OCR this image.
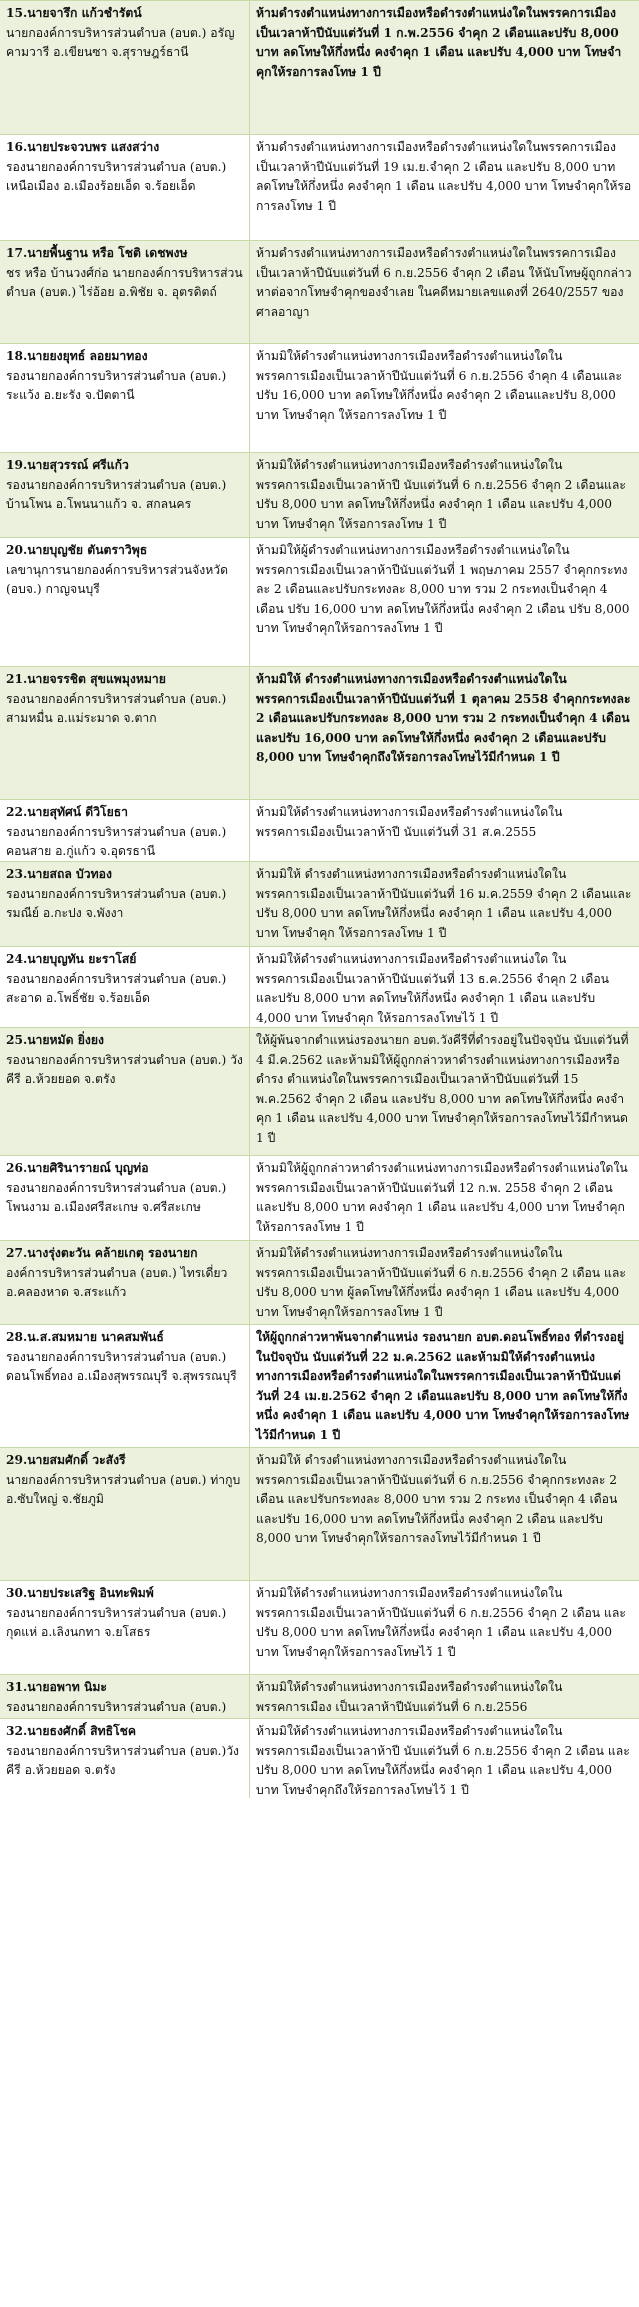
15.นายจารึก แก้วชำรัตน์
นายกองค์การบริหารส่วนตำบล (อบต.) อรัญคามวารี อ.เขียนซา จ.สุราษฎร์ธานี
ห้ามดำรงตำแหน่งทางการเมืองหรือดำรงตำแหน่งใดในพรรคการเมืองเป็นเวลาห้าปีนับแต่วันที่ 1 ก.พ.2556 จำคุก 2 เดือนและปรับ 8,000 บาท ลดโทษให้กึ่งหนึ่ง คงจำคุก 1 เดือน และปรับ 4,000 บาท โทษจำคุกให้รอการลงโทษ 1 ปี
16.นายประจวบพร แสงสว่าง
รองนายกองค์การบริหารส่วนตำบล (อบต.) เหนือเมือง อ.เมืองร้อยเอ็ด จ.ร้อยเอ็ด
ห้ามดำรงตำแหน่งทางการเมืองหรือดำรงตำแหน่งใดในพรรคการเมืองเป็นเวลาห้าปีนับแต่วันที่ 19 เม.ย.จำคุก 2 เดือน และปรับ 8,000 บาท ลดโทษให้กึ่งหนึ่ง คงจำคุก 1 เดือน และปรับ 4,000 บาท โทษจำคุกให้รอการลงโทษ 1 ปี
17.นายพื้นฐาน หรือ โชติ เดชพงษ
ชร หรือ บ้านวงศ์ก่อ นายกองค์การบริหารส่วนตำบล (อบต.) ไร่อ้อย อ.พิชัย จ. อุตรดิตถ์
ห้ามดำรงตำแหน่งทางการเมืองหรือดำรงตำแหน่งใดในพรรคการเมืองเป็นเวลาห้าปีนับแต่วันที่ 6 ก.ย.2556 จำคุก 2 เดือน ให้นับโทษผู้ถูกกล่าวหาต่อจากโทษจำคุกของจำเลย ในคดีหมายเลขแดงที่ 2640/2557 ของศาลอาญา
18.นายยงยุทธ์ ลอยมาทอง
รองนายกองค์การบริหารส่วนตำบล (อบต.) ระแว้ง อ.ยะรัง จ.ปัตตานี
ห้ามมิให้ดำรงตำแหน่งทางการเมืองหรือดำรงตำแหน่งใดในพรรคการเมืองเป็นเวลาห้าปีนับแต่วันที่ 6 ก.ย.2556 จำคุก 4 เดือนและปรับ 16,000 บาท ลดโทษให้กึ่งหนึ่ง คงจำคุก 2 เดือนและปรับ 8,000 บาท โทษจำคุก ให้รอการลงโทษ 1 ปี
19.นายสุวรรณ์ ศรีแก้ว
รองนายกองค์การบริหารส่วนตำบล (อบต.) บ้านโพน อ.โพนนาแก้ว จ. สกลนคร
ห้ามมิให้ดำรงตำแหน่งทางการเมืองหรือดำรงตำแหน่งใดในพรรคการเมืองเป็นเวลาห้าปี นับแต่วันที่ 6 ก.ย.2556 จำคุก 2 เดือนและปรับ 8,000 บาท ลดโทษให้กึ่งหนึ่ง คงจำคุก 1 เดือน และปรับ 4,000 บาท โทษจำคุก ให้รอการลงโทษ 1 ปี
20.นายบุญชัย ตันตราวิพุธ
เลขานุการนายกองค์การบริหารส่วนจังหวัด (อบจ.) กาญจนบุรี
ห้ามมิให้ผู้ดำรงตำแหน่งทางการเมืองหรือดำรงตำแหน่งใดในพรรคการเมืองเป็นเวลาห้าปีนับแต่วันที่ 1 พฤษภาคม 2557 จำคุกกระทงละ 2 เดือนและปรับกระทงละ 8,000 บาท รวม 2 กระทงเป็นจำคุก 4 เดือน ปรับ 16,000 บาท ลดโทษให้กึ่งหนึ่ง คงจำคุก 2 เดือน ปรับ 8,000 บาท โทษจำคุกให้รอการลงโทษ 1 ปี
21.นายจรรชิต สุขแพมุงหมาย
รองนายกองค์การบริหารส่วนตำบล (อบต.) สามหมื่น อ.แม่ระมาด จ.ตาก
ห้ามมิให้ ดำรงตำแหน่งทางการเมืองหรือดำรงตำแหน่งใดในพรรคการเมืองเป็นเวลาห้าปีนับแต่วันที่ 1 ตุลาคม 2558 จำคุกกระทงละ 2 เดือนและปรับกระทงละ 8,000 บาท รวม 2 กระทงเป็นจำคุก 4 เดือนและปรับ 16,000 บาท ลดโทษให้กึ่งหนึ่ง คงจำคุก 2 เดือนและปรับ 8,000 บาท โทษจำคุกถึงให้รอการลงโทษไว้มีกำหนด 1 ปี
22.นายสุทัศน์ ดีวิโยธา
รองนายกองค์การบริหารส่วนตำบล (อบต.) คอนสาย อ.กู่แก้ว จ.อุดรธานี
ห้ามมิให้ดำรงตำแหน่งทางการเมืองหรือดำรงตำแหน่งใดในพรรคการเมืองเป็นเวลาห้าปี นับแต่วันที่ 31 ส.ค.2555
23.นายสถล บัวทอง
รองนายกองค์การบริหารส่วนตำบล (อบต.) รมณีย์ อ.กะปง จ.พังงา
ห้ามมิให้ ดำรงตำแหน่งทางการเมืองหรือดำรงตำแหน่งใดในพรรคการเมืองเป็นเวลาห้าปีนับแต่วันที่ 16 ม.ค.2559 จำคุก 2 เดือนและปรับ 8,000 บาท ลดโทษให้กึ่งหนึ่ง คงจำคุก 1 เดือน และปรับ 4,000 บาท โทษจำคุก ให้รอการลงโทษ 1 ปี
24.นายบุญทัน ยะราโสย์
รองนายกองค์การบริหารส่วนตำบล (อบต.) สะอาด อ.โพธิ์ชัย จ.ร้อยเอ็ด
ห้ามมิให้ดำรงตำแหน่งทางการเมืองหรือดำรงตำแหน่งใด ในพรรคการเมืองเป็นเวลาห้าปีนับแต่วันที่ 13 ธ.ค.2556 จำคุก 2 เดือน และปรับ 8,000 บาท ลดโทษให้กึ่งหนึ่ง คงจำคุก 1 เดือน และปรับ 4,000 บาท โทษจำคุก ให้รอการลงโทษไว้ 1 ปี
25.นายหมัด ยิ่งยง
รองนายกองค์การบริหารส่วนตำบล (อบต.) วังคีรี อ.ห้วยยอด จ.ตรัง
ให้ผู้พ้นจากตำแหน่งรองนายก อบต.วังคีรีที่ดำรงอยู่ในปัจจุบัน นับแต่วันที่ 4 มี.ค.2562 และห้ามมิให้ผู้ถูกกล่าวหาดำรงตำแหน่งทางการเมืองหรือดำรง ตำแหน่งใดในพรรคการเมืองเป็นเวลาห้าปีนับแต่วันที่ 15 พ.ค.2562 จำคุก 2 เดือน และปรับ 8,000 บาท ลดโทษให้กึ่งหนึ่ง คงจำคุก 1 เดือน และปรับ 4,000 บาท โทษจำคุกให้รอการลงโทษไว้มีกำหนด 1 ปี
26.นายศิรินารายณ์ บุญท่อ
รองนายกองค์การบริหารส่วนตำบล (อบต.) โพนงาม อ.เมืองศรีสะเกษ จ.ศรีสะเกษ
ห้ามมิให้ผู้ถูกกล่าวหาดำรงตำแหน่งทางการเมืองหรือดำรงตำแหน่งใดในพรรคการเมืองเป็นเวลาห้าปีนับแต่วันที่ 12 ก.พ. 2558 จำคุก 2 เดือน และปรับ 8,000 บาท คงจำคุก 1 เดือน และปรับ 4,000 บาท โทษจำคุก ให้รอการลงโทษ 1 ปี
27.นางรุ่งตะวัน คล้ายเกตุ รองนายก
องค์การบริหารส่วนตำบล (อบต.) ไทรเดี่ยว อ.คลองหาด จ.สระแก้ว
ห้ามมิให้ดำรงตำแหน่งทางการเมืองหรือดำรงตำแหน่งใดในพรรคการเมืองเป็นเวลาห้าปีนับแต่วันที่ 6 ก.ย.2556 จำคุก 2 เดือน และปรับ 8,000 บาท ผู้ลดโทษให้กึ่งหนึ่ง คงจำคุก 1 เดือน และปรับ 4,000 บาท โทษจำคุกให้รอการลงโทษ 1 ปี
28.น.ส.สมหมาย นาคสมพันธ์
รองนายกองค์การบริหารส่วนตำบล (อบต.) ดอนโพธิ์ทอง อ.เมืองสุพรรณบุรี จ.สุพรรณบุรี
ให้ผู้ถูกกล่าวหาพ้นจากตำแหน่ง รองนายก อบต.ดอนโพธิ์ทอง ที่ดำรงอยู่ในปัจจุบัน นับแต่วันที่ 22 ม.ค.2562 และห้ามมิให้ดำรงตำแหน่งทางการเมืองหรือดำรงตำแหน่งใดในพรรคการเมืองเป็นเวลาห้าปีนับแต่วันที่ 24 เม.ย.2562 จำคุก 2 เดือนและปรับ 8,000 บาท ลดโทษให้กึ่งหนึ่ง คงจำคุก 1 เดือน และปรับ 4,000 บาท โทษจำคุกให้รอการลงโทษไว้มีกำหนด 1 ปี
29.นายสมศักดิ์ วะสังรี
นายกองค์การบริหารส่วนตำบล (อบต.) ท่ากูบ อ.ซับใหญ่ จ.ชัยภูมิ
ห้ามมิให้ ดำรงตำแหน่งทางการเมืองหรือดำรงตำแหน่งใดในพรรคการเมืองเป็นเวลาห้าปีนับแต่วันที่ 6 ก.ย.2556 จำคุกกระทงละ 2 เดือน และปรับกระทงละ 8,000 บาท รวม 2 กระทง เป็นจำคุก 4 เดือนและปรับ 16,000 บาท ลดโทษให้กึ่งหนึ่ง คงจำคุก 2 เดือน และปรับ 8,000 บาท โทษจำคุกให้รอการลงโทษไว้มีกำหนด 1 ปี
30.นายประเสริฐ อินทะพิมพ์
รองนายกองค์การบริหารส่วนตำบล (อบต.) กุดแห่ อ.เลิงนกทา จ.ยโสธร
ห้ามมิให้ดำรงตำแหน่งทางการเมืองหรือดำรงตำแหน่งใดในพรรคการเมืองเป็นเวลาห้าปีนับแต่วันที่ 6 ก.ย.2556 จำคุก 2 เดือน และปรับ 8,000 บาท ลดโทษให้กึ่งหนึ่ง คงจำคุก 1 เดือน และปรับ 4,000 บาท โทษจำคุกให้รอการลงโทษไว้ 1 ปี
31.นายอพาท นิมะ
รองนายกองค์การบริหารส่วนตำบล (อบต.)
ห้ามมิให้ดำรงตำแหน่งทางการเมืองหรือดำรงตำแหน่งใดในพรรคการเมือง เป็นเวลาห้าปีนับแต่วันที่ 6 ก.ย.2556
32.นายธงศักดิ์ สิทธิโชค
รองนายกองค์การบริหารส่วนตำบล (อบต.)วังคีรี อ.ห้วยยอด จ.ตรัง
ห้ามมิให้ดำรงตำแหน่งทางการเมืองหรือดำรงตำแหน่งใดในพรรคการเมืองเป็นเวลาห้าปี นับแต่วันที่ 6 ก.ย.2556 จำคุก 2 เดือน และปรับ 8,000 บาท ลดโทษให้กึ่งหนึ่ง คงจำคุก 1 เดือน และปรับ 4,000 บาท โทษจำคุกถึงให้รอการลงโทษไว้ 1 ปี
